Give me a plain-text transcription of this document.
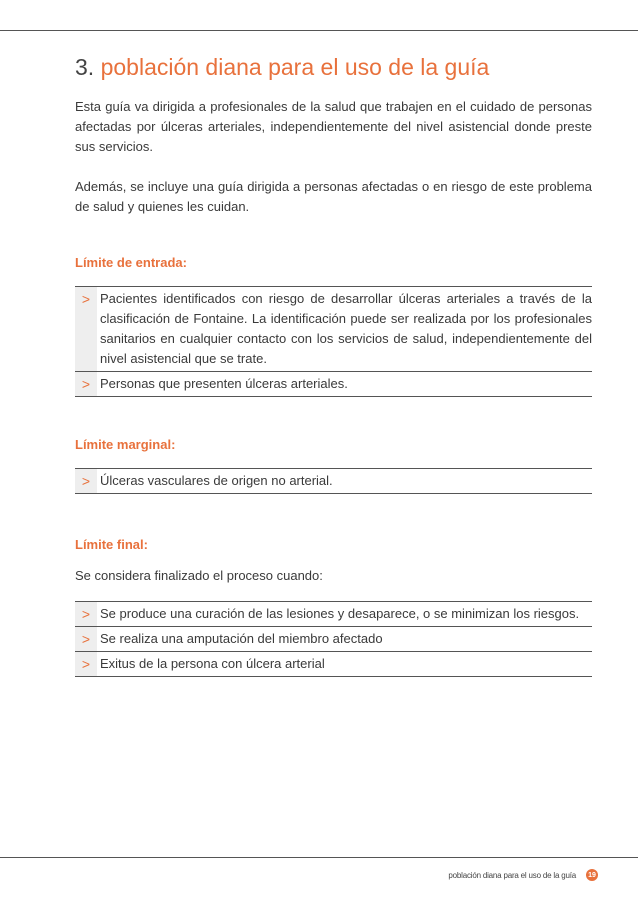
3. población diana para el uso de la guía

Esta guía va dirigida a profesionales de la salud que trabajen en el cuidado de personas afectadas por úlceras arteriales, independientemente del nivel asistencial donde preste sus servicios.

Además, se incluye una guía dirigida a personas afectadas o en riesgo de este problema de salud y quienes les cuidan.

Límite de entrada:
> Pacientes identificados con riesgo de desarrollar úlceras arteriales a través de la clasificación de Fontaine. La identificación puede ser realizada por los profesionales sanitarios en cualquier contacto con los servicios de salud, independientemente del nivel asistencial que se trate.
> Personas que presenten úlceras arteriales.
Límite marginal:
> Úlceras vasculares de origen no arterial.
Límite final:

Se considera finalizado el proceso cuando:

> Se produce una curación de las lesiones y desaparece, o se minimizan los riesgos.
> Se realiza una amputación del miembro afectado
> Exitus de la persona con úlcera arterial
población diana para el uso de la guía 19
